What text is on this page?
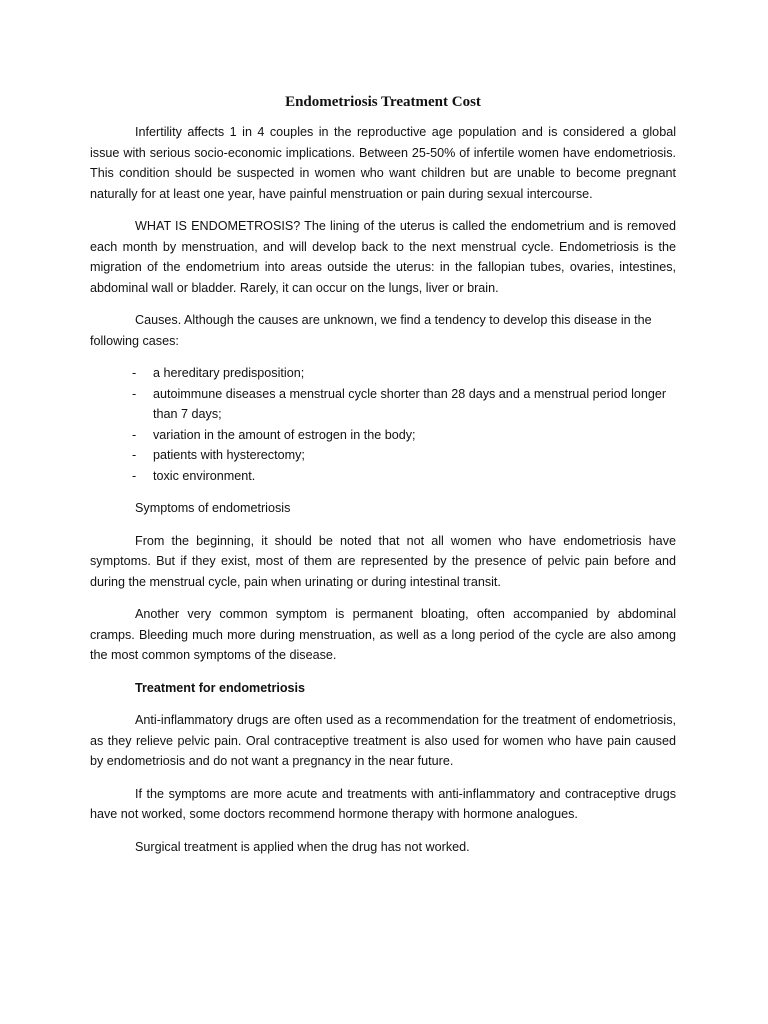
Endometriosis Treatment Cost

Infertility affects 1 in 4 couples in the reproductive age population and is considered a global issue with serious socio-economic implications. Between 25-50% of infertile women have endometriosis. This condition should be suspected in women who want children but are unable to become pregnant naturally for at least one year, have painful menstruation or pain during sexual intercourse.

WHAT IS ENDOMETROSIS? The lining of the uterus is called the endometrium and is removed each month by menstruation, and will develop back to the next menstrual cycle. Endometriosis is the migration of the endometrium into areas outside the uterus: in the fallopian tubes, ovaries, intestines, abdominal wall or bladder. Rarely, it can occur on the lungs, liver or brain.

Causes. Although the causes are unknown, we find a tendency to develop this disease in the following cases:

- a hereditary predisposition;
- autoimmune diseases a menstrual cycle shorter than 28 days and a menstrual period longer than 7 days;
- variation in the amount of estrogen in the body;
- patients with hysterectomy;
- toxic environment.
Symptoms of endometriosis

From the beginning, it should be noted that not all women who have endometriosis have symptoms. But if they exist, most of them are represented by the presence of pelvic pain before and during the menstrual cycle, pain when urinating or during intestinal transit.

Another very common symptom is permanent bloating, often accompanied by abdominal cramps. Bleeding much more during menstruation, as well as a long period of the cycle are also among the most common symptoms of the disease.

Treatment for endometriosis

Anti-inflammatory drugs are often used as a recommendation for the treatment of endometriosis, as they relieve pelvic pain. Oral contraceptive treatment is also used for women who have pain caused by endometriosis and do not want a pregnancy in the near future.

If the symptoms are more acute and treatments with anti-inflammatory and contraceptive drugs have not worked, some doctors recommend hormone therapy with hormone analogues.

Surgical treatment is applied when the drug has not worked.
